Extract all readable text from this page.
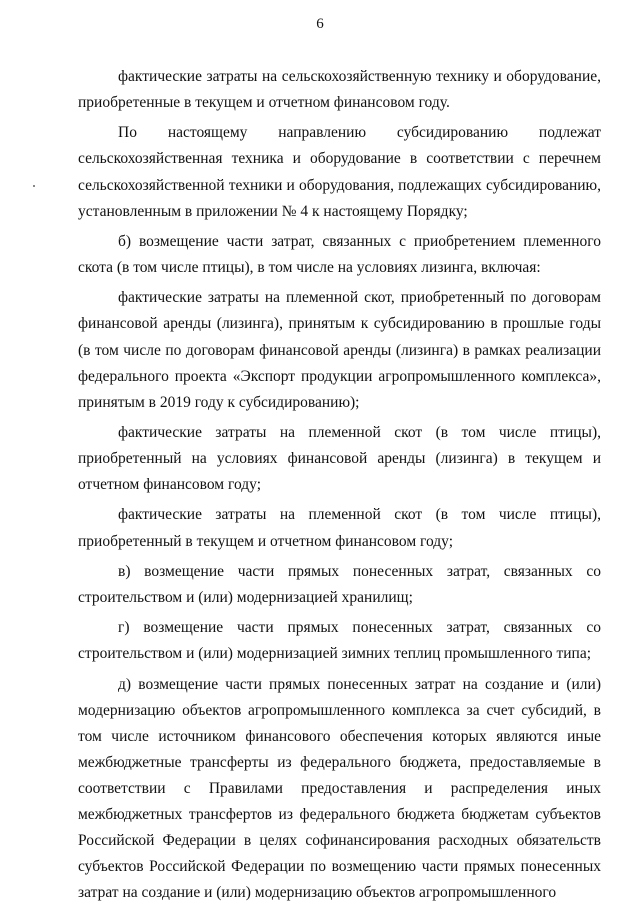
6

фактические затраты на сельскохозяйственную технику и оборудование, приобретенные в текущем и отчетном финансовом году.

По настоящему направлению субсидированию подлежат сельскохозяйственная техника и оборудование в соответствии с перечнем сельскохозяйственной техники и оборудования, подлежащих субсидированию, установленным в приложении № 4 к настоящему Порядку;

б) возмещение части затрат, связанных с приобретением племенного скота (в том числе птицы), в том числе на условиях лизинга, включая:

фактические затраты на племенной скот, приобретенный по договорам финансовой аренды (лизинга), принятым к субсидированию в прошлые годы (в том числе по договорам финансовой аренды (лизинга) в рамках реализации федерального проекта «Экспорт продукции агропромышленного комплекса», принятым в 2019 году к субсидированию);

фактические затраты на племенной скот (в том числе птицы), приобретенный на условиях финансовой аренды (лизинга) в текущем и отчетном финансовом году;

фактические затраты на племенной скот (в том числе птицы), приобретенный в текущем и отчетном финансовом году;

в) возмещение части прямых понесенных затрат, связанных со строительством и (или) модернизацией хранилищ;

г) возмещение части прямых понесенных затрат, связанных со строительством и (или) модернизацией зимних теплиц промышленного типа;

д) возмещение части прямых понесенных затрат на создание и (или) модернизацию объектов агропромышленного комплекса за счет субсидий, в том числе источником финансового обеспечения которых являются иные межбюджетные трансферты из федерального бюджета, предоставляемые в соответствии с Правилами предоставления и распределения иных межбюджетных трансфертов из федерального бюджета бюджетам субъектов Российской Федерации в целях софинансирования расходных обязательств субъектов Российской Федерации по возмещению части прямых понесенных затрат на создание и (или) модернизацию объектов агропромышленного
